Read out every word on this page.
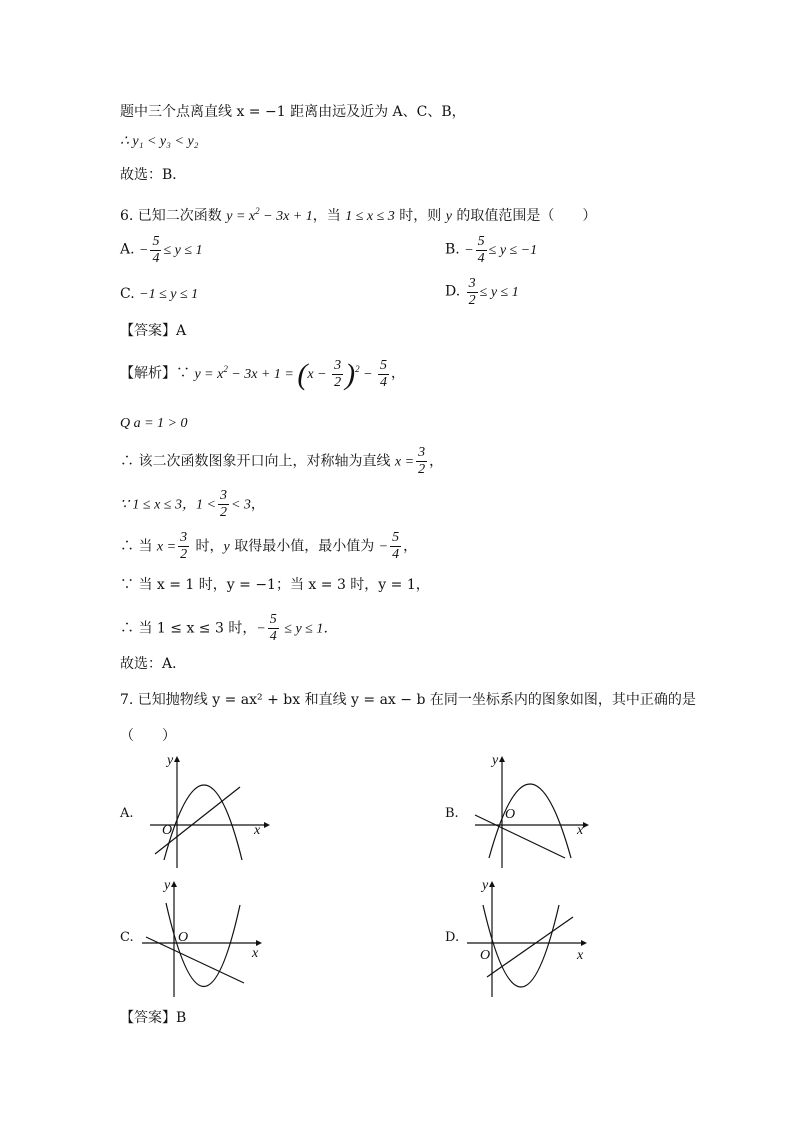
题中三个点离直线 x = −1 距离由远及近为 A、C、B，
∴ y₁ < y₃ < y₂
故选：B．
6. 已知二次函数 $y = x^2 - 3x + 1$，当 1 ≤ x ≤ 3 时，则 y 的取值范围是（　　）
A. − $\frac{5}{4} \le y \le 1$	B. − $\frac{5}{4} \le y \le -1$
C. −1 ≤ y ≤ 1	D. $\frac{3}{2} \le y \le 1$
【答案】A
【解析】∵ $y = x^2 - 3x + 1 = (x - \frac{3}{2} )^2 - \frac{5}{4}$ ，
Q a = 1 > 0
∴ 该二次函数图象开口向上，对称轴为直线 $x = \frac{3}{2}$ ，
∵ 1 ≤ x ≤ 3，$1 < \frac{3}{2} < 3$，
∴ 当 $x = \frac{3}{2}$ 时，y 取得最小值，最小值为 − $\frac{5}{4}$ ，
∵ 当 x = 1 时，y = −1；当 x = 3 时，y = 1，
∴ 当 1 ≤ x ≤ 3 时，− $\frac{5}{4} \le y \le 1$．
故选：A．
7. 已知抛物线 y = ax² + bx 和直线 y = ax − b 在同一坐标系内的图象如图，其中正确的是
（　　）
A.
y
x
O
B.
y
x
O
C.
y
x
O	D.
y
x
O
【答案】B
